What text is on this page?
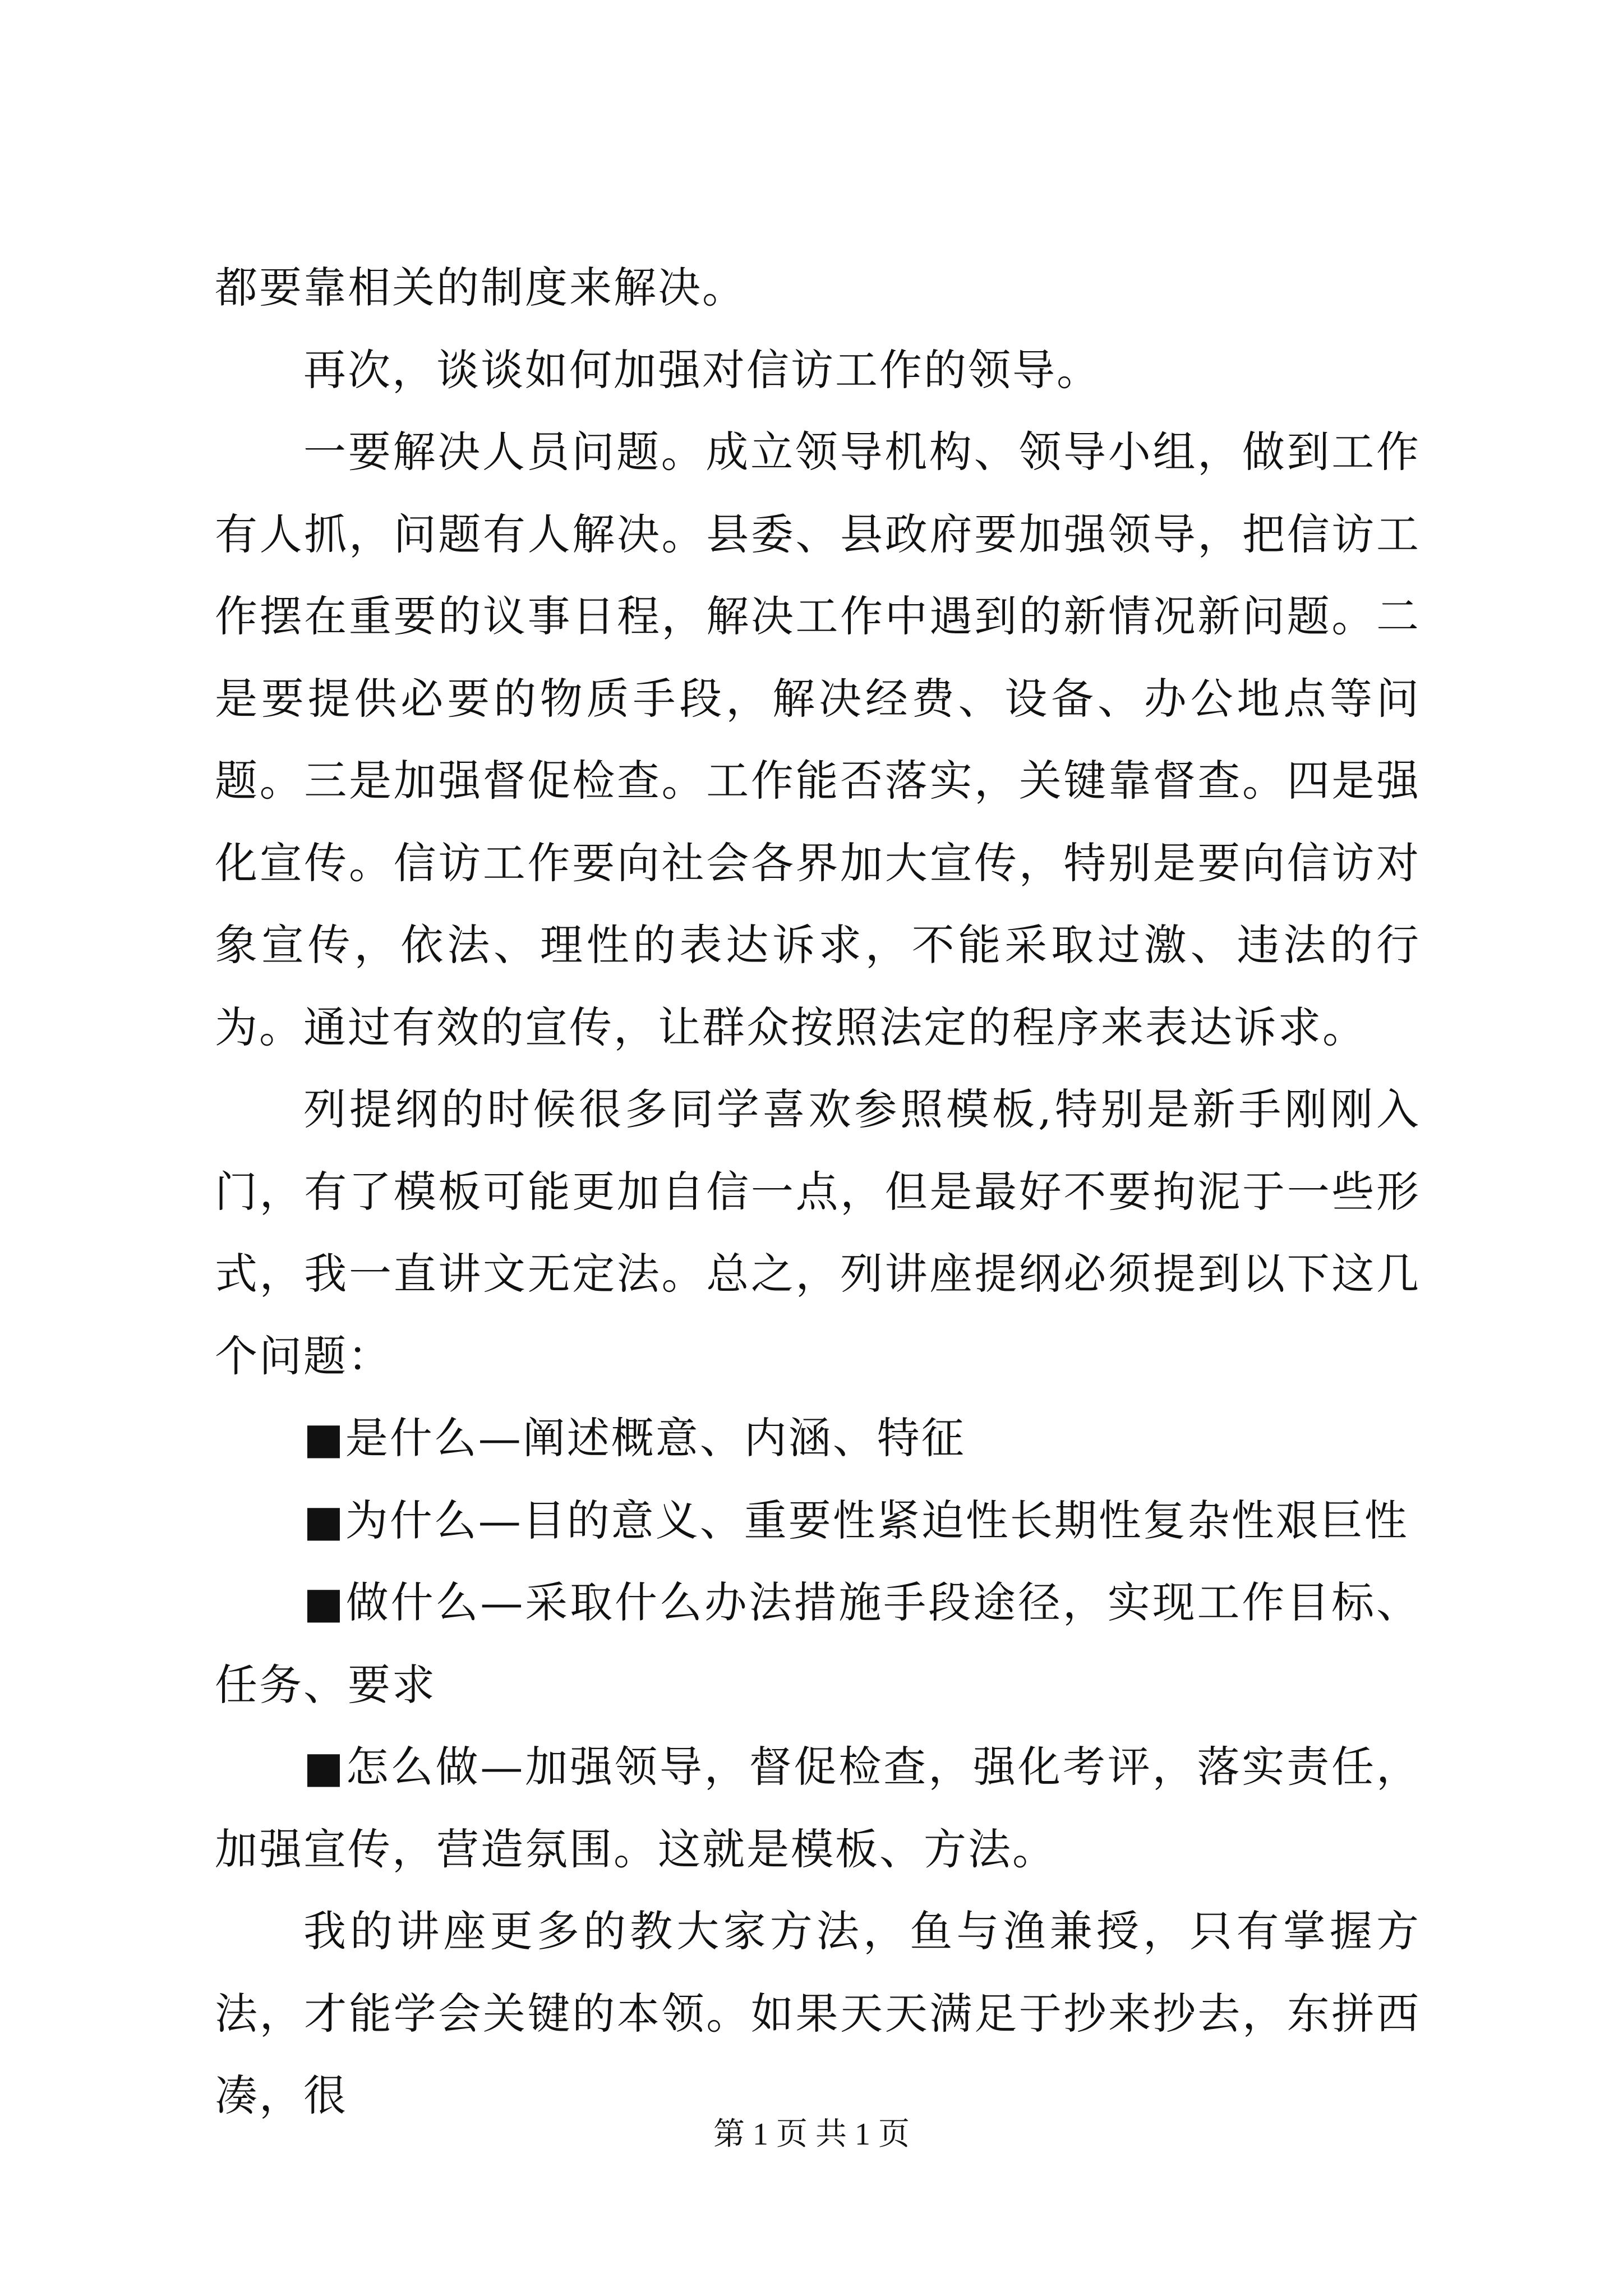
都要靠相关的制度来解决。

再次，谈谈如何加强对信访工作的领导。

一要解决人员问题。成立领导机构、领导小组，做到工作有人抓，问题有人解决。县委、县政府要加强领导，把信访工作摆在重要的议事日程，解决工作中遇到的新情况新问题。二是要提供必要的物质手段，解决经费、设备、办公地点等问题。三是加强督促检查。工作能否落实，关键靠督查。四是强化宣传。信访工作要向社会各界加大宣传，特别是要向信访对象宣传，依法、理性的表达诉求，不能采取过激、违法的行为。通过有效的宣传，让群众按照法定的程序来表达诉求。

列提纲的时候很多同学喜欢参照模板,特别是新手刚刚入门，有了模板可能更加自信一点，但是最好不要拘泥于一些形式，我一直讲文无定法。总之，列讲座提纲必须提到以下这几个问题：

■是什么—阐述概意、内涵、特征

■为什么—目的意义、重要性紧迫性长期性复杂性艰巨性

■做什么—采取什么办法措施手段途径，实现工作目标、任务、要求

■怎么做—加强领导，督促检查，强化考评，落实责任，加强宣传，营造氛围。这就是模板、方法。

我的讲座更多的教大家方法，鱼与渔兼授，只有掌握方法，才能学会关键的本领。如果天天满足于抄来抄去，东拼西凑，很

第 1 页 共 1 页
